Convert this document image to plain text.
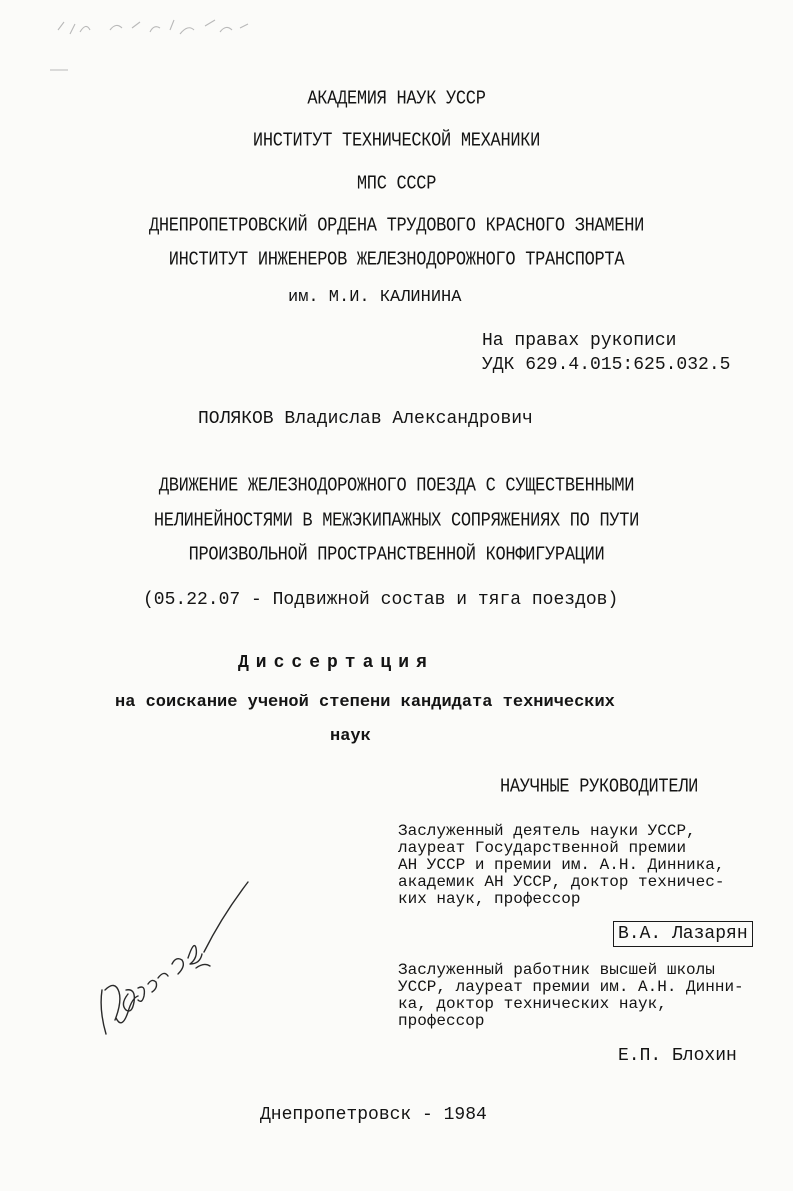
АКАДЕМИЯ НАУК УССР
ИНСТИТУТ ТЕХНИЧЕСКОЙ МЕХАНИКИ
МПС СССР
ДНЕПРОПЕТРОВСКИЙ ОРДЕНА ТРУДОВОГО КРАСНОГО ЗНАМЕНИ
ИНСТИТУТ ИНЖЕНЕРОВ ЖЕЛЕЗНОДОРОЖНОГО ТРАНСПОРТА
им. М.И. КАЛИНИНА
На правах рукописи
УДК 629.4.015:625.032.5
ПОЛЯКОВ Владислав Александрович
ДВИЖЕНИЕ ЖЕЛЕЗНОДОРОЖНОГО ПОЕЗДА С СУЩЕСТВЕННЫМИ
НЕЛИНЕЙНОСТЯМИ В МЕЖЭКИПАЖНЫХ СОПРЯЖЕНИЯХ ПО ПУТИ
ПРОИЗВОЛЬНОЙ ПРОСТРАНСТВЕННОЙ КОНФИГУРАЦИИ
(05.22.07 - Подвижной состав и тяга поездов)
Диссертация
на соискание ученой степени кандидата технических
наук
НАУЧНЫЕ РУКОВОДИТЕЛИ
Заслуженный деятель науки УССР,
лауреат Государственной премии
АН УССР и премии им. А.Н. Динника,
академик АН УССР, доктор техничес-
ких наук, профессор
В.А. Лазарян
Заслуженный работник высшей школы
УССР, лауреат премии им. А.Н. Динни-
ка, доктор технических наук,
профессор
Е.П. Блохин
Днепропетровск - 1984
